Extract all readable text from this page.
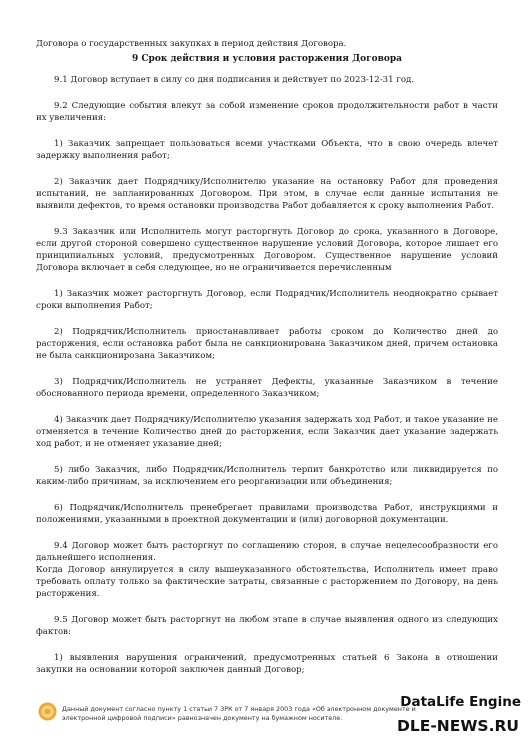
Договора о государственных закупках в период действия Договора.

9 Срок действия и условия расторжения Договора

9.1 Договор вступает в силу со дня подписания и действует по 2023-12-31 год.

9.2 Следующие события влекут за собой изменение сроков продолжительности работ в части их увеличения:

1) Заказчик запрещает пользоваться всеми участками Объекта, что в свою очередь влечет задержку выполнения работ;

2) Заказчик дает Подрядчику/Исполнителю указание на остановку Работ для проведения испытаний, не запланированных Договором. При этом, в случае если данные испытания не выявили дефектов, то время остановки производства Работ добавляется к сроку выполнения Работ.

9.3 Заказчик или Исполнитель могут расторгнуть Договор до срока, указанного в Договоре, если другой стороной совершено существенное нарушение условий Договора, которое лишает его принципиальных условий, предусмотренных Договором. Существенное нарушение условий Договора включает в себя следующее, но не ограничивается перечисленным

1) Заказчик может расторгнуть Договор, если Подрядчик/Исполнитель неоднократно срывает сроки выполнения Работ;

2) Подрядчик/Исполнитель приостанавливает работы сроком до Количество дней до расторжения, если остановка работ была не санкционирована Заказчиком дней, причем остановка не была санкционирозана Заказчиком;

3) Подрядчик/Исполнитель не устраняет Дефекты, указанные Заказчиком в течение обоснованного периода времени, определенного Заказчиком;

4) Заказчик дает Подрядчику/Исполнителю указания задержать ход Работ, и такое указание не отменяется в течение Количество дней до расторжения, если Заказчик дает указание задержать ход работ, и не отменяет указание дней;

5) либо Заказчик, либо Подрядчик/Исполнитель терпит банкротство или ликвидируется по каким-либо причинам, за исключением его реорганизации или объединения;

6) Подрядчик/Исполнитель пренебрегает правилами производства Работ, инструкциями и положениями, указанными в проектной документации и (или) договорной документации.

9.4 Договор может быть расторгнут по соглашению сторон, в случае нецелесообразности его дальнейшего исполнения.

Когда Договор аннулируется в силу вышеуказанного обстоятельства, Исполнитель имеет право требовать оплату только за фактические затраты, связанные с расторжением по Договору, на день расторжения.

9.5 Договор может быть расторгнут на любом этапе в случае выявления одного из следующих фактов:

1) выявления нарушения ограничений, предусмотренных статьей 6 Закона в отношении закупки на основании которой заключен данный Договор;

Данный документ согласно пункту 1 статьи 7 ЗРК от 7 января 2003 года «Об электронном документе и электронной цифровой подписи» равнозначен документу на бумажном носителе.
DataLife Engine
DLE-NEWS.RU
